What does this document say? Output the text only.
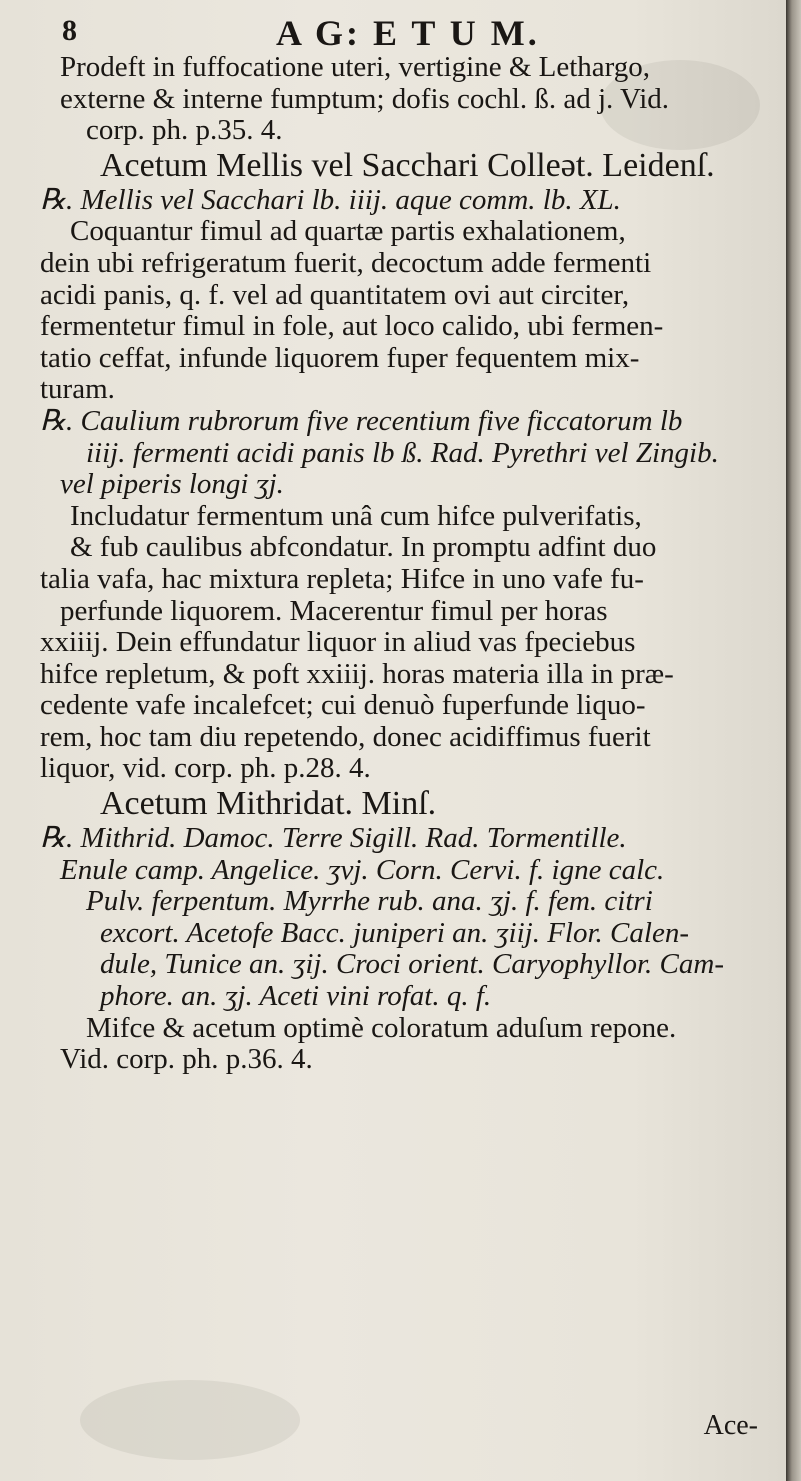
8	A G: E T U M.
Prodeft in fuffocatione uteri, vertigine & Lethargo,
externe & interne fumptum; dofis cochl. ß. ad j. Vid.
corp. ph. p.35. 4.
Acetum Mellis vel Sacchari Colleǝt. Leidenſ.
℞. Mellis vel Sacchari lb. iiij. aque comm. lb. XL.
Coquantur fimul ad quartæ partis exhalationem,
dein ubi refrigeratum fuerit, decoctum adde fermenti
acidi panis, q. f. vel ad quantitatem ovi aut circiter,
fermentetur fimul in fole, aut loco calido, ubi fermen-
tatio ceffat, infunde liquorem fuper fequentem mix-
turam.
℞. Caulium rubrorum five recentium five ficcatorum lb
iiij. fermenti acidi panis lb ß. Rad. Pyrethri vel Zingib.
vel piperis longi ʒj.
Includatur fermentum unâ cum hifce pulverifatis,
& fub caulibus abfcondatur. In promptu adfint duo
talia vafa, hac mixtura repleta; Hifce in uno vafe fu-
perfunde liquorem. Macerentur fimul per horas
xxiiij. Dein effundatur liquor in aliud vas fpeciebus
hifce repletum, & poft xxiiij. horas materia illa in præ-
cedente vafe incalefcet; cui denuò fuperfunde liquo-
rem, hoc tam diu repetendo, donec acidiffimus fuerit
liquor, vid. corp. ph. p.28. 4.
Acetum Mithridat. Minſ.
℞. Mithrid. Damoc. Terre Sigill. Rad. Tormentille.
Enule camp. Angelice. ʒvj. Corn. Cervi. f. igne calc.
Pulv. ferpentum. Myrrhe rub. ana. ʒj. f. fem. citri
excort. Acetofe Bacc. juniperi an. ʒiij. Flor. Calen-
dule, Tunice an. ʒij. Croci orient. Caryophyllor. Cam-
phore. an. ʒj. Aceti vini rofat. q. f.
Mifce & acetum optimè coloratum aduſum repone.
Vid. corp. ph. p.36. 4.
Ace-
